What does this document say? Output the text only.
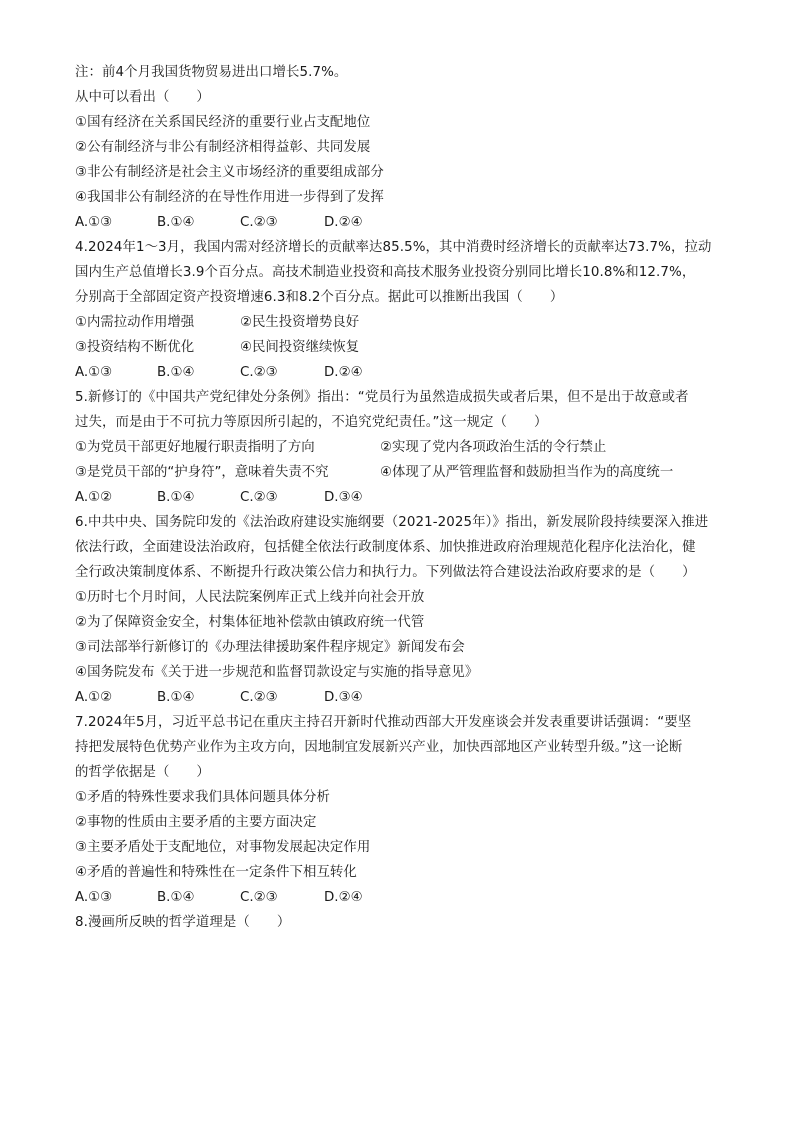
注：前4个月我国货物贸易进出口增长5.7%。
从中可以看出（　　）
①国有经济在关系国民经济的重要行业占支配地位
②公有制经济与非公有制经济相得益彰、共同发展
③非公有制经济是社会主义市场经济的重要组成部分
④我国非公有制经济的在导性作用进一步得到了发挥
A.①③	B.①④	C.②③	D.②④
4.2024年1～3月，我国内需对经济增长的贡献率达85.5%，其中消费时经济增长的贡献率达73.7%，拉动
国内生产总值增长3.9个百分点。高技术制造业投资和高技术服务业投资分别同比增长10.8%和12.7%，
分别高于全部固定资产投资增速6.3和8.2个百分点。据此可以推断出我国（　　）
①内需拉动作用增强	②民生投资增势良好
③投资结构不断优化	④民间投资继续恢复
A.①③	B.①④	C.②③	D.②④
5.新修订的《中国共产党纪律处分条例》指出：“党员行为虽然造成损失或者后果，但不是出于故意或者
过失，而是由于不可抗力等原因所引起的，不追究党纪责任。”这一规定（　　）
①为党员干部更好地履行职责指明了方向	②实现了党内各项政治生活的令行禁止
③是党员干部的“护身符”，意味着失责不究	④体现了从严管理监督和鼓励担当作为的高度统一
A.①②	B.①④	C.②③	D.③④
6.中共中央、国务院印发的《法治政府建设实施纲要（2021-2025年）》指出，新发展阶段持续要深入推进
依法行政，全面建设法治政府，包括健全依法行政制度体系、加快推进政府治理规范化程序化法治化，健
全行政决策制度体系、不断提升行政决策公信力和执行力。下列做法符合建设法治政府要求的是（　　）
①历时七个月时间，人民法院案例库正式上线并向社会开放
②为了保障资金安全，村集体征地补偿款由镇政府统一代管
③司法部举行新修订的《办理法律援助案件程序规定》新闻发布会
④国务院发布《关于进一步规范和监督罚款设定与实施的指导意见》
A.①②	B.①④	C.②③	D.③④
7.2024年5月，习近平总书记在重庆主持召开新时代推动西部大开发座谈会并发表重要讲话强调：“要坚
持把发展特色优势产业作为主攻方向，因地制宜发展新兴产业，加快西部地区产业转型升级。”这一论断
的哲学依据是（　　）
①矛盾的特殊性要求我们具体问题具体分析
②事物的性质由主要矛盾的主要方面决定
③主要矛盾处于支配地位，对事物发展起决定作用
④矛盾的普遍性和特殊性在一定条件下相互转化
A.①③	B.①④	C.②③	D.②④
8.漫画所反映的哲学道理是（　　）
